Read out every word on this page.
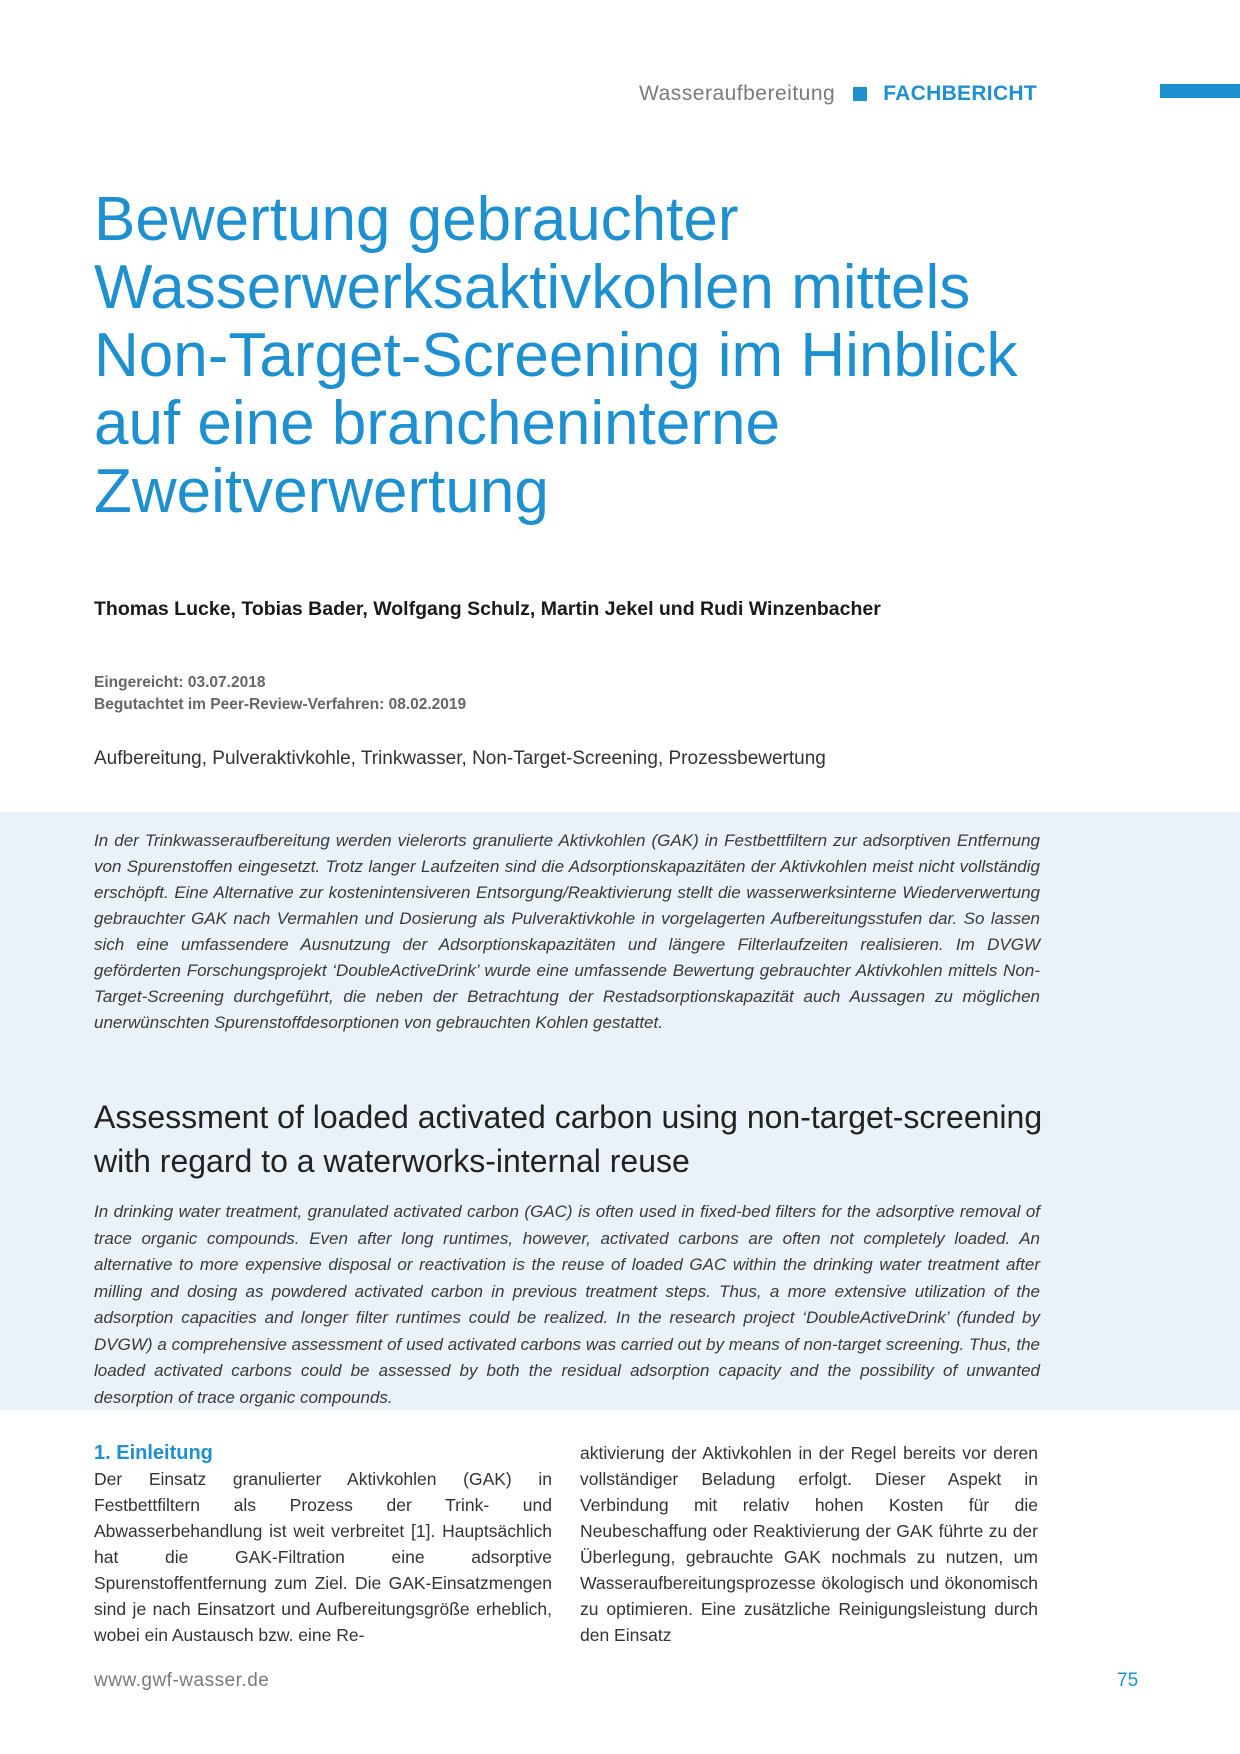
Wasseraufbereitung FACHBERICHT
Bewertung gebrauchter Wasserwerksaktivkohlen mittels Non-Target-Screening im Hinblick auf eine brancheninterne Zweitverwertung
Thomas Lucke, Tobias Bader, Wolfgang Schulz, Martin Jekel und Rudi Winzenbacher
Eingereicht: 03.07.2018
Begutachtet im Peer-Review-Verfahren: 08.02.2019
Aufbereitung, Pulveraktivkohle, Trinkwasser, Non-Target-Screening, Prozessbewertung

In der Trinkwasseraufbereitung werden vielerorts granulierte Aktivkohlen (GAK) in Festbettfiltern zur adsorptiven Entfernung von Spurenstoffen eingesetzt. Trotz langer Laufzeiten sind die Adsorptionskapazitäten der Aktivkohlen meist nicht vollständig erschöpft. Eine Alternative zur kostenintensiveren Entsorgung/Reaktivierung stellt die wasserwerksinterne Wiederverwertung gebrauchter GAK nach Vermahlen und Dosierung als Pulveraktivkohle in vorgelagerten Aufbereitungsstufen dar. So lassen sich eine umfassendere Ausnutzung der Adsorptionskapazitäten und längere Filterlaufzeiten realisieren. Im DVGW geförderten Forschungsprojekt ‘DoubleActiveDrink’ wurde eine umfassende Bewertung gebrauchter Aktivkohlen mittels Non-Target-Screening durchgeführt, die neben der Betrachtung der Restadsorptionskapazität auch Aussagen zu möglichen unerwünschten Spurenstoffdesorptionen von gebrauchten Kohlen gestattet.

Assessment of loaded activated carbon using non-target-screening with regard to a waterworks-internal reuse

In drinking water treatment, granulated activated carbon (GAC) is often used in fixed-bed filters for the adsorptive removal of trace organic compounds. Even after long runtimes, however, activated carbons are often not completely loaded. An alternative to more expensive disposal or reactivation is the reuse of loaded GAC within the drinking water treatment after milling and dosing as powdered activated carbon in previous treatment steps. Thus, a more extensive utilization of the adsorption capacities and longer filter runtimes could be realized. In the research project ‘DoubleActiveDrink’ (funded by DVGW) a comprehensive assessment of used activated carbons was carried out by means of non-target screening. Thus, the loaded activated carbons could be assessed by both the residual adsorption capacity and the possibility of unwanted desorption of trace organic compounds.

1. Einleitung

Der Einsatz granulierter Aktivkohlen (GAK) in Festbettfiltern als Prozess der Trink- und Abwasserbehandlung ist weit verbreitet [1]. Hauptsächlich hat die GAK-Filtration eine adsorptive Spurenstoffentfernung zum Ziel. Die GAK-Einsatzmengen sind je nach Einsatzort und Aufbereitungsgröße erheblich, wobei ein Austausch bzw. eine Re-

aktivierung der Aktivkohlen in der Regel bereits vor deren vollständiger Beladung erfolgt. Dieser Aspekt in Verbindung mit relativ hohen Kosten für die Neubeschaffung oder Reaktivierung der GAK führte zu der Überlegung, gebrauchte GAK nochmals zu nutzen, um Wasseraufbereitungsprozesse ökologisch und ökonomisch zu optimieren. Eine zusätzliche Reinigungsleistung durch den Einsatz

www.gwf-wasser.de	75
